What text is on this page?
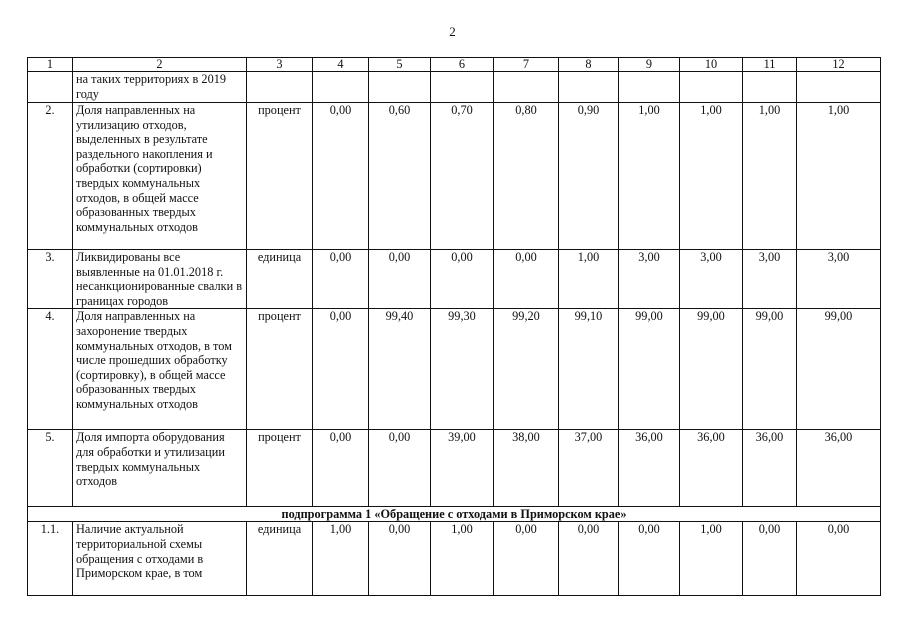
2
1	2	3	4	5	6	7	8	9	10	11	12
	на таких территориях в 2019 году										
2.	Доля направленных на утилизацию отходов, выделенных в результате раздельного накопления и обработки (сортировки) твердых коммунальных отходов, в общей массе образованных твердых коммунальных отходов	процент	0,00	0,60	0,70	0,80	0,90	1,00	1,00	1,00	1,00
3.	Ликвидированы все выявленные на 01.01.2018 г. несанкционированные свалки в границах городов	единица	0,00	0,00	0,00	0,00	1,00	3,00	3,00	3,00	3,00
4.	Доля направленных на захоронение твердых коммунальных отходов, в том числе прошедших обработку (сортировку), в общей массе образованных твердых коммунальных отходов	процент	0,00	99,40	99,30	99,20	99,10	99,00	99,00	99,00	99,00
5.	Доля импорта оборудования для обработки и утилизации твердых коммунальных отходов	процент	0,00	0,00	39,00	38,00	37,00	36,00	36,00	36,00	36,00
подпрограмма 1 «Обращение с отходами в Приморском крае»											
1.1.	Наличие актуальной территориальной схемы обращения с отходами в Приморском крае, в том	единица	1,00	0,00	1,00	0,00	0,00	0,00	1,00	0,00	0,00
